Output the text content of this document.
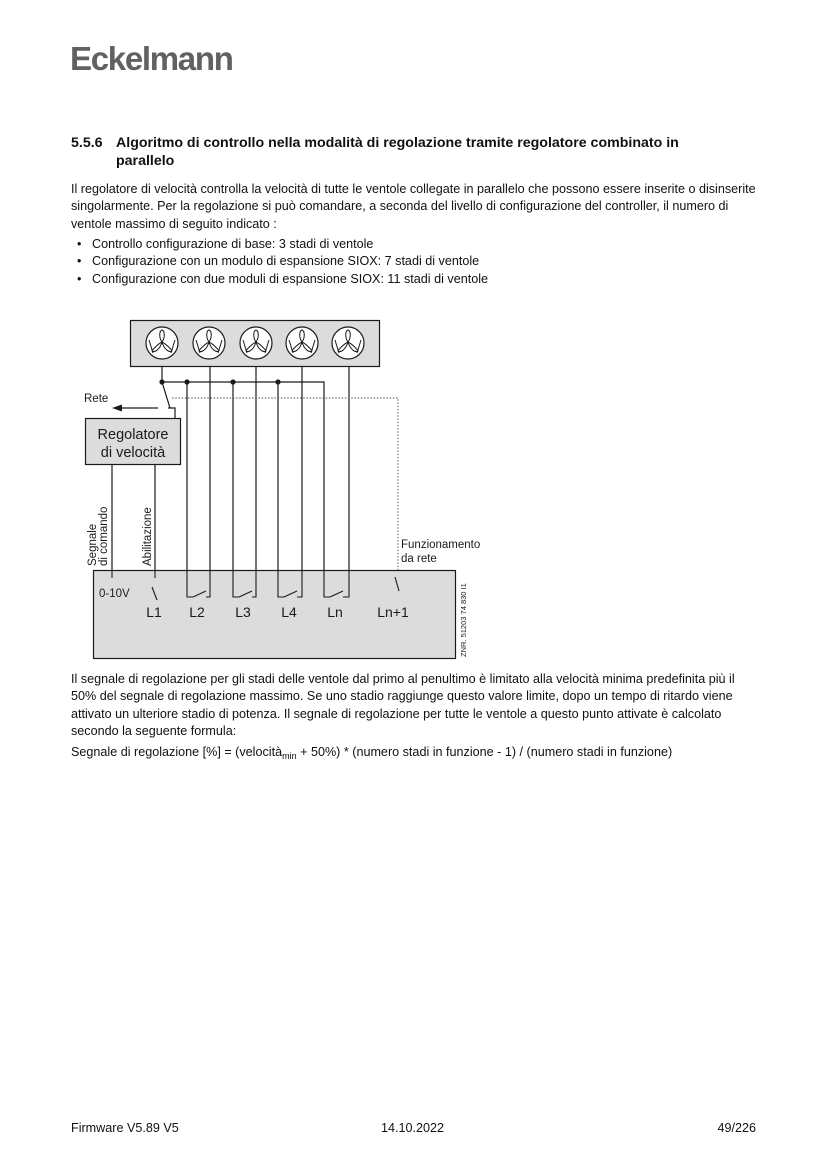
Eckelmann
5.5.6 Algoritmo di controllo nella modalità di regolazione tramite regolatore combinato in
parallelo
Il regolatore di velocità controlla la velocità di tutte le ventole collegate in parallelo che possono essere inserite o disinserite singolarmente. Per la regolazione si può comandare, a seconda del livello di configurazione del controller, il numero di ventole massimo di seguito indicato :
• Controllo configurazione di base: 3 stadi di ventole
• Configurazione con un modulo di espansione SIOX: 7 stadi di ventole
• Configurazione con due moduli di espansione SIOX: 11 stadi di ventole
Regolatore
di velocità
Rete
Segnale di comando	Abilitazione	Funzionamento
da rete
0-10V
L1 L2 L3 L4 Ln Ln+1	ZNR. 51203 74 830 I1
Il segnale di regolazione per gli stadi delle ventole dal primo al penultimo è limitato alla velocità minima predefinita più il 50% del segnale di regolazione massimo. Se uno stadio raggiunge questo valore limite, dopo un tempo di ritardo viene attivato un ulteriore stadio di potenza. Il segnale di regolazione per tutte le ventole a questo punto attivate è calcolato secondo la seguente formula:
Segnale di regolazione [%] = (velocità$_{min}$ + 50%) * (numero stadi in funzione - 1) / (numero stadi in funzione)
Firmware V5.89 V5	14.10.2022	49/226
